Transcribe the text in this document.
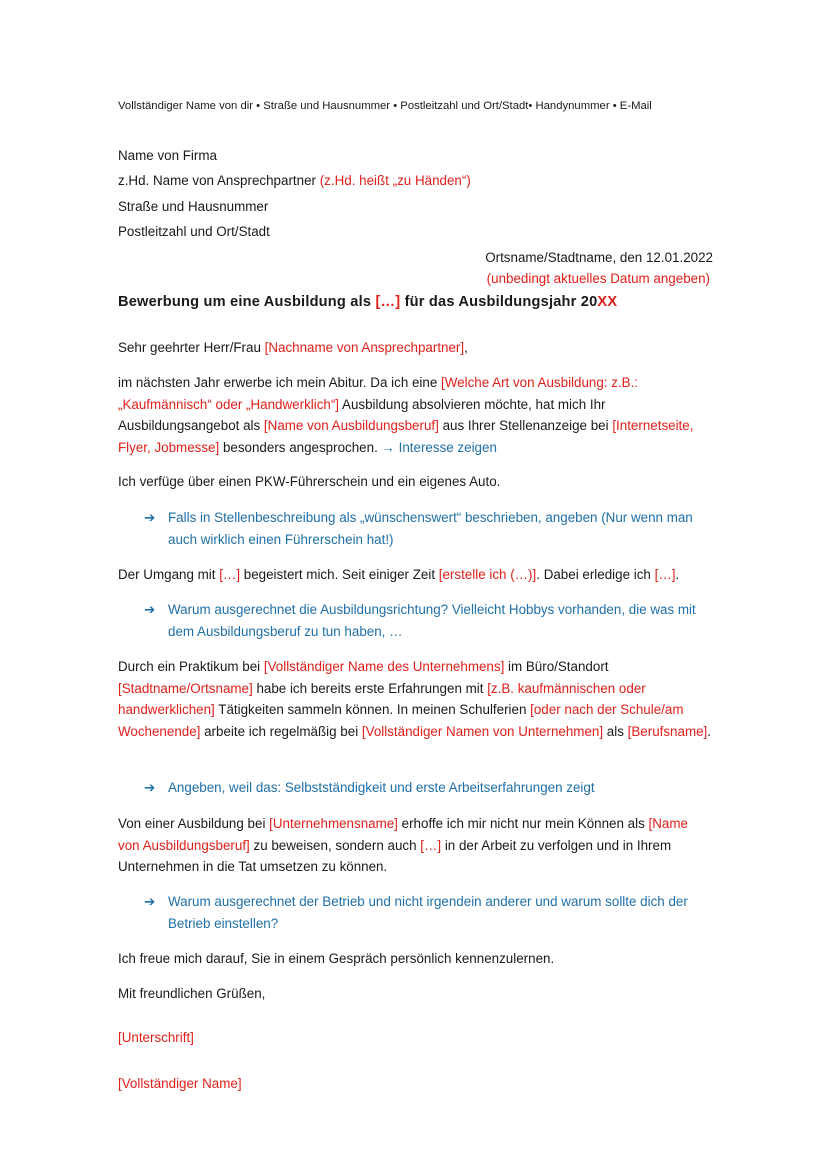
Vollständiger Name von dir • Straße und Hausnummer • Postleitzahl und Ort/Stadt• Handynummer • E-Mail
Name von Firma
z.Hd. Name von Ansprechpartner (z.Hd. heißt „zu Händen“)
Straße und Hausnummer
Postleitzahl und Ort/Stadt
Ortsname/Stadtname, den 12.01.2022
(unbedingt aktuelles Datum angeben)
Bewerbung um eine Ausbildung als […] für das Ausbildungsjahr 20XX
Sehr geehrter Herr/Frau [Nachname von Ansprechpartner],
im nächsten Jahr erwerbe ich mein Abitur. Da ich eine [Welche Art von Ausbildung: z.B.: „Kaufmännisch“ oder „Handwerklich“] Ausbildung absolvieren möchte, hat mich Ihr Ausbildungsangebot als [Name von Ausbildungsberuf] aus Ihrer Stellenanzeige bei [Internetseite, Flyer, Jobmesse] besonders angesprochen. → Interesse zeigen
Ich verfüge über einen PKW-Führerschein und ein eigenes Auto.
➔ Falls in Stellenbeschreibung als „wünschenswert“ beschrieben, angeben (Nur wenn man auch wirklich einen Führerschein hat!)
Der Umgang mit […] begeistert mich. Seit einiger Zeit [erstelle ich (…)]. Dabei erledige ich […].
➔ Warum ausgerechnet die Ausbildungsrichtung? Vielleicht Hobbys vorhanden, die was mit dem Ausbildungsberuf zu tun haben, …
Durch ein Praktikum bei [Vollständiger Name des Unternehmens] im Büro/Standort [Stadtname/Ortsname] habe ich bereits erste Erfahrungen mit [z.B. kaufmännischen oder handwerklichen] Tätigkeiten sammeln können. In meinen Schulferien [oder nach der Schule/am Wochenende] arbeite ich regelmäßig bei [Vollständiger Namen von Unternehmen] als [Berufsname].
➔ Angeben, weil das: Selbstständigkeit und erste Arbeitserfahrungen zeigt
Von einer Ausbildung bei [Unternehmensname] erhoffe ich mir nicht nur mein Können als [Name von Ausbildungsberuf] zu beweisen, sondern auch […] in der Arbeit zu verfolgen und in Ihrem Unternehmen in die Tat umsetzen zu können.
➔ Warum ausgerechnet der Betrieb und nicht irgendein anderer und warum sollte dich der Betrieb einstellen?
Ich freue mich darauf, Sie in einem Gespräch persönlich kennenzulernen.
Mit freundlichen Grüßen,
[Unterschrift]
[Vollständiger Name]
